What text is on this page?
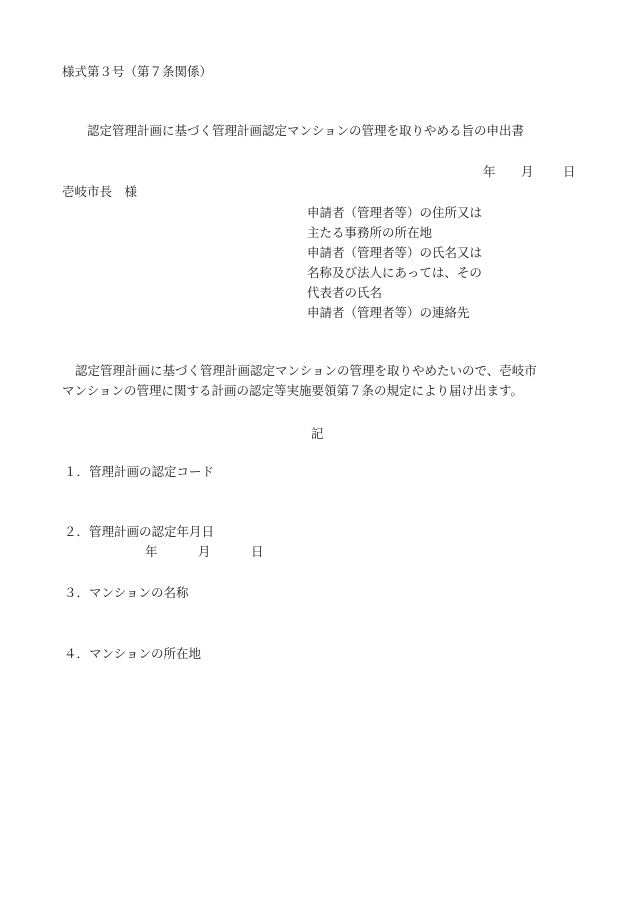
様式第３号（第７条関係）

認定管理計画に基づく管理計画認定マンションの管理を取りやめる旨の申出書

年 月 日

壱岐市長　様

申請者（管理者等）の住所又は

主たる事務所の所在地

申請者（管理者等）の氏名又は

名称及び法人にあっては、その

代表者の氏名

申請者（管理者等）の連絡先

認定管理計画に基づく管理計画認定マンションの管理を取りやめたいので、壱岐市

マンションの管理に関する計画の認定等実施要領第７条の規定により届け出ます。

記

１．管理計画の認定コード

２．管理計画の認定年月日

年	月	日

３．マンションの名称

４．マンションの所在地
